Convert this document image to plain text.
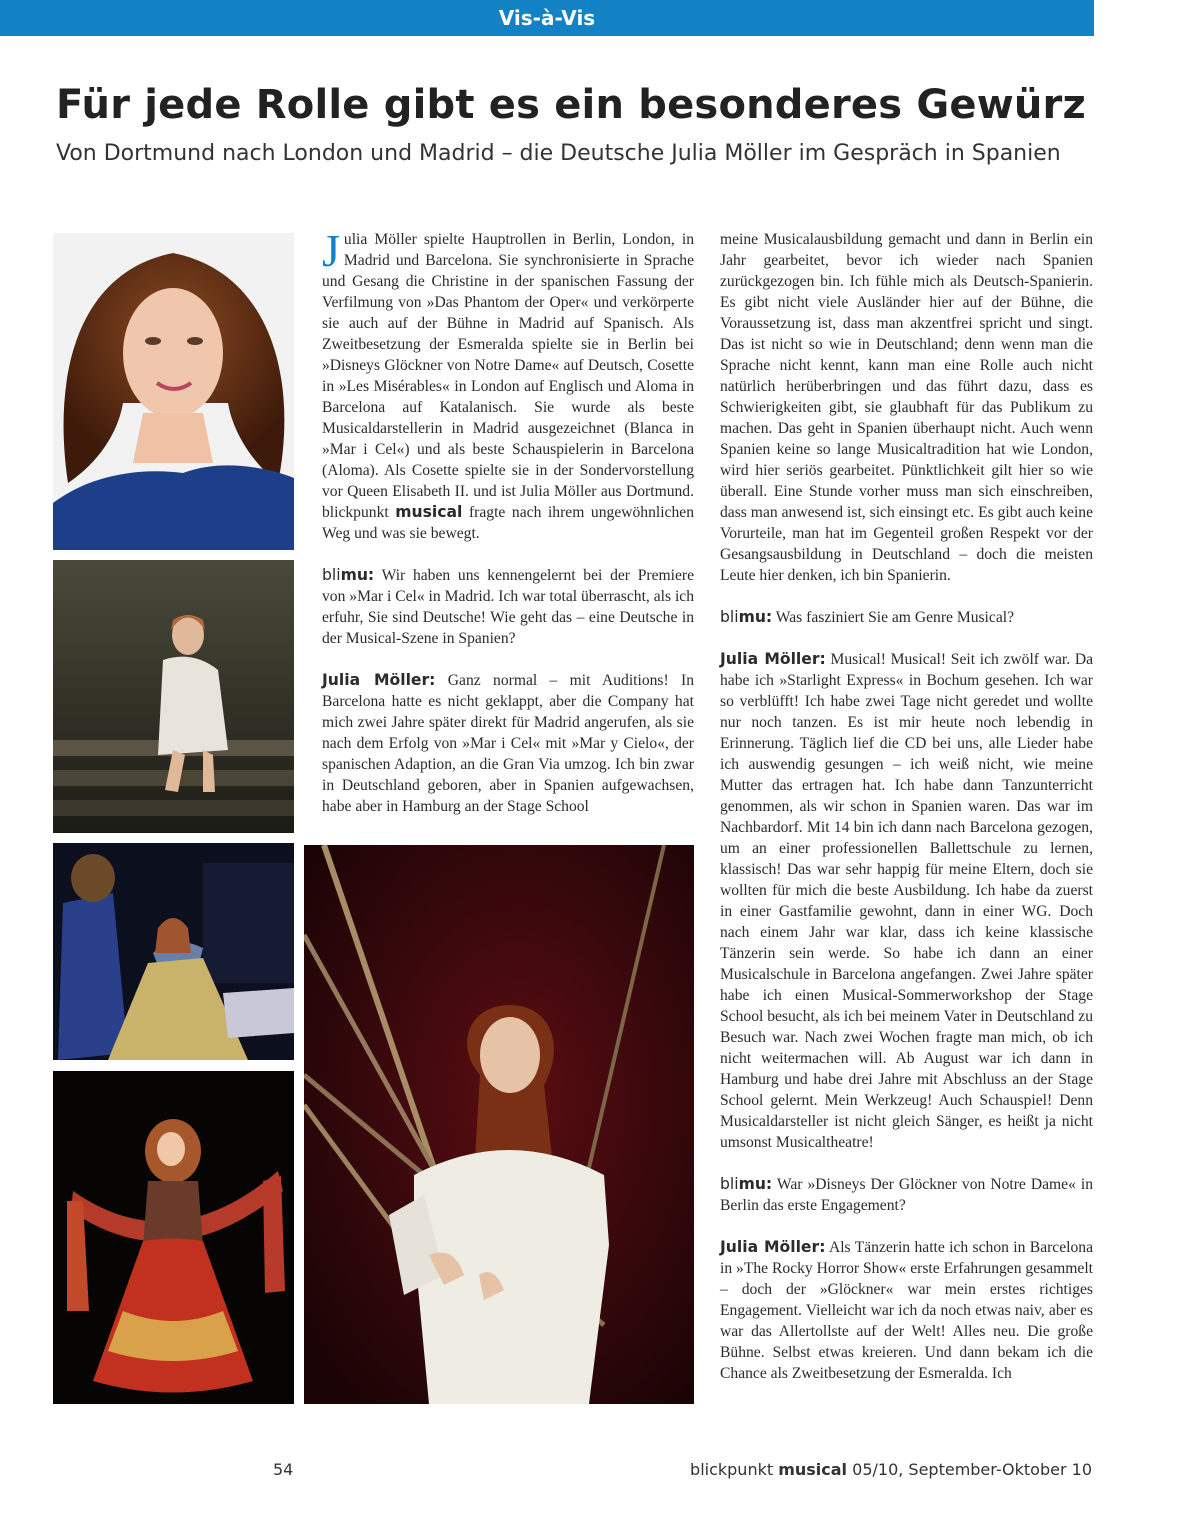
Vis-à-Vis
Für jede Rolle gibt es ein besonderes Gewürz
Von Dortmund nach London und Madrid – die Deutsche Julia Möller im Gespräch in Spanien

Julia Möller spielte Hauptrollen in Berlin, London, in Madrid und Barcelona. Sie synchronisierte in Sprache und Gesang die Christine in der spanischen Fassung der Verfilmung von »Das Phantom der Oper« und verkörperte sie auch auf der Bühne in Madrid auf Spanisch. Als Zweitbesetzung der Esmeralda spielte sie in Berlin bei »Disneys Glöckner von Notre Dame« auf Deutsch, Cosette in »Les Misérables« in London auf Englisch und Aloma in Barcelona auf Katalanisch. Sie wurde als beste Musicaldarstellerin in Madrid ausgezeichnet (Blanca in »Mar i Cel«) und als beste Schauspielerin in Barcelona (Aloma). Als Cosette spielte sie in der Sondervorstellung vor Queen Elisabeth II. und ist Julia Möller aus Dortmund. blickpunkt musical fragte nach ihrem ungewöhnlichen Weg und was sie bewegt.

blimu: Wir haben uns kennengelernt bei der Premiere von »Mar i Cel« in Madrid. Ich war total überrascht, als ich erfuhr, Sie sind Deutsche! Wie geht das – eine Deutsche in der Musical-Szene in Spanien?

Julia Möller: Ganz normal – mit Auditions! In Barcelona hatte es nicht geklappt, aber die Company hat mich zwei Jahre später direkt für Madrid angerufen, als sie nach dem Erfolg von »Mar i Cel« mit »Mar y Cielo«, der spanischen Adaption, an die Gran Via umzog. Ich bin zwar in Deutschland geboren, aber in Spanien aufgewachsen, habe aber in Hamburg an der Stage School

meine Musicalausbildung gemacht und dann in Berlin ein Jahr gearbeitet, bevor ich wieder nach Spanien zurückgezogen bin. Ich fühle mich als Deutsch-Spanierin. Es gibt nicht viele Ausländer hier auf der Bühne, die Voraussetzung ist, dass man akzentfrei spricht und singt. Das ist nicht so wie in Deutschland; denn wenn man die Sprache nicht kennt, kann man eine Rolle auch nicht natürlich herüberbringen und das führt dazu, dass es Schwierigkeiten gibt, sie glaubhaft für das Publikum zu machen. Das geht in Spanien überhaupt nicht. Auch wenn Spanien keine so lange Musicaltradition hat wie London, wird hier seriös gearbeitet. Pünktlichkeit gilt hier so wie überall. Eine Stunde vorher muss man sich einschreiben, dass man anwesend ist, sich einsingt etc. Es gibt auch keine Vorurteile, man hat im Gegenteil großen Respekt vor der Gesangsausbildung in Deutschland – doch die meisten Leute hier denken, ich bin Spanierin.

blimu: Was fasziniert Sie am Genre Musical?

Julia Möller: Musical! Musical! Seit ich zwölf war. Da habe ich »Starlight Express« in Bochum gesehen. Ich war so verblüfft! Ich habe zwei Tage nicht geredet und wollte nur noch tanzen. Es ist mir heute noch lebendig in Erinnerung. Täglich lief die CD bei uns, alle Lieder habe ich auswendig gesungen – ich weiß nicht, wie meine Mutter das ertragen hat. Ich habe dann Tanzunterricht genommen, als wir schon in Spanien waren. Das war im Nachbardorf. Mit 14 bin ich dann nach Barcelona gezogen, um an einer professionellen Ballettschule zu lernen, klassisch! Das war sehr happig für meine Eltern, doch sie wollten für mich die beste Ausbildung. Ich habe da zuerst in einer Gastfamilie gewohnt, dann in einer WG. Doch nach einem Jahr war klar, dass ich keine klassische Tänzerin sein werde. So habe ich dann an einer Musicalschule in Barcelona angefangen. Zwei Jahre später habe ich einen Musical-Sommerworkshop der Stage School besucht, als ich bei meinem Vater in Deutschland zu Besuch war. Nach zwei Wochen fragte man mich, ob ich nicht weitermachen will. Ab August war ich dann in Hamburg und habe drei Jahre mit Abschluss an der Stage School gelernt. Mein Werkzeug! Auch Schauspiel! Denn Musicaldarsteller ist nicht gleich Sänger, es heißt ja nicht umsonst Musicaltheatre!

blimu: War »Disneys Der Glöckner von Notre Dame« in Berlin das erste Engagement?

Julia Möller: Als Tänzerin hatte ich schon in Barcelona in »The Rocky Horror Show« erste Erfahrungen gesammelt – doch der »Glöckner« war mein erstes richtiges Engagement. Vielleicht war ich da noch etwas naiv, aber es war das Allertollste auf der Welt! Alles neu. Die große Bühne. Selbst etwas kreieren. Und dann bekam ich die Chance als Zweitbesetzung der Esmeralda. Ich

54	blickpunkt musical 05/10, September-Oktober 10
